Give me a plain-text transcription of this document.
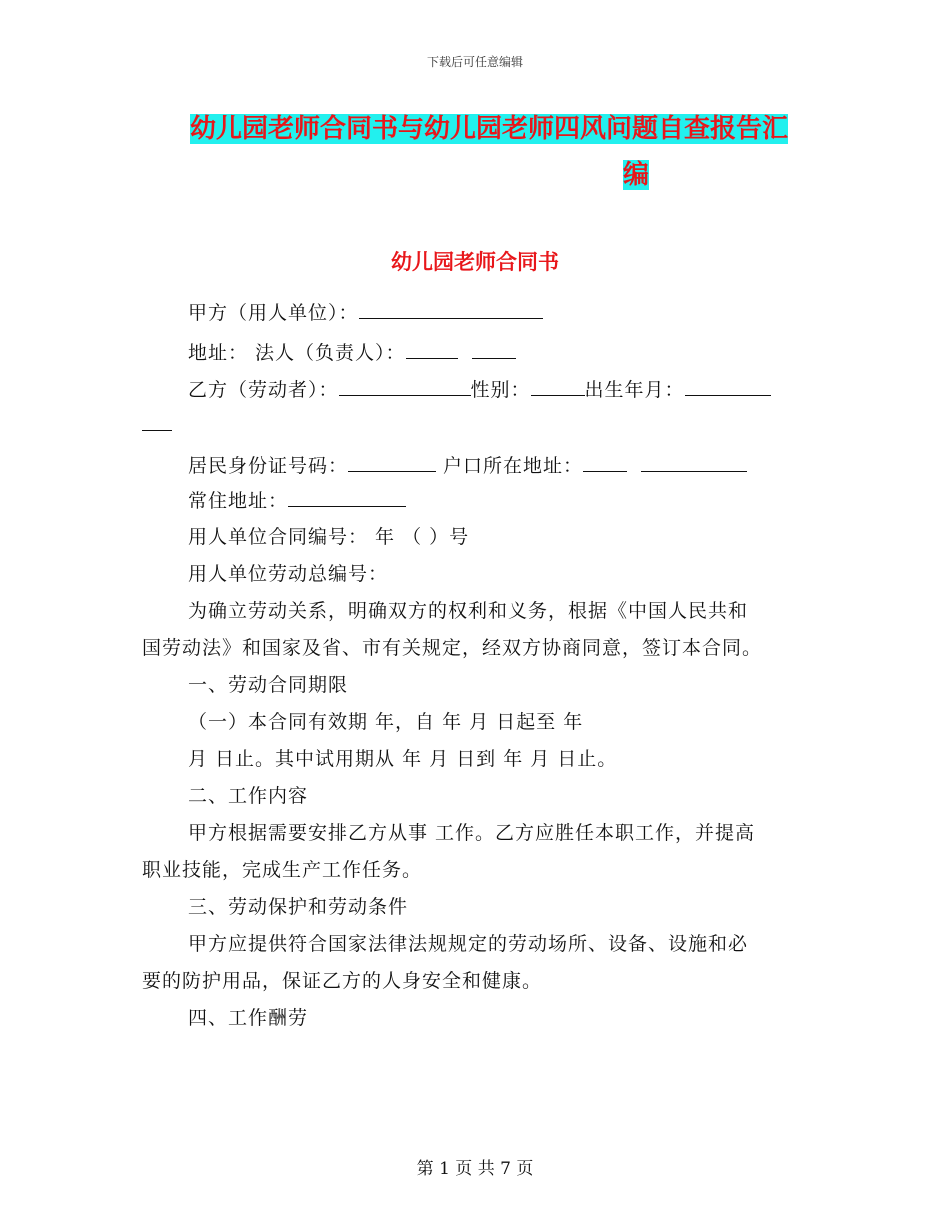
下载后可任意编辑
幼儿园老师合同书与幼儿园老师四风问题自查报告汇
编
幼儿园老师合同书
甲方（用人单位）：
地址： 法人（负责人）：
乙方（劳动者）：	性别：	出生年月：
居民身份证号码：	户口所在地址：
常住地址：
用人单位合同编号： 年 （ ）号
用人单位劳动总编号：
为确立劳动关系，明确双方的权利和义务，根据《中国人民共和
国劳动法》和国家及省、市有关规定，经双方协商同意，签订本合同。
一、劳动合同期限
（一）本合同有效期 年，自 年 月 日起至 年
月 日止。其中试用期从 年 月 日到 年 月 日止。
二、工作内容
甲方根据需要安排乙方从事 工作。乙方应胜任本职工作，并提高
职业技能，完成生产工作任务。
三、劳动保护和劳动条件
甲方应提供符合国家法律法规规定的劳动场所、设备、设施和必
要的防护用品，保证乙方的人身安全和健康。
四、工作酬劳
第 1 页 共 7 页
